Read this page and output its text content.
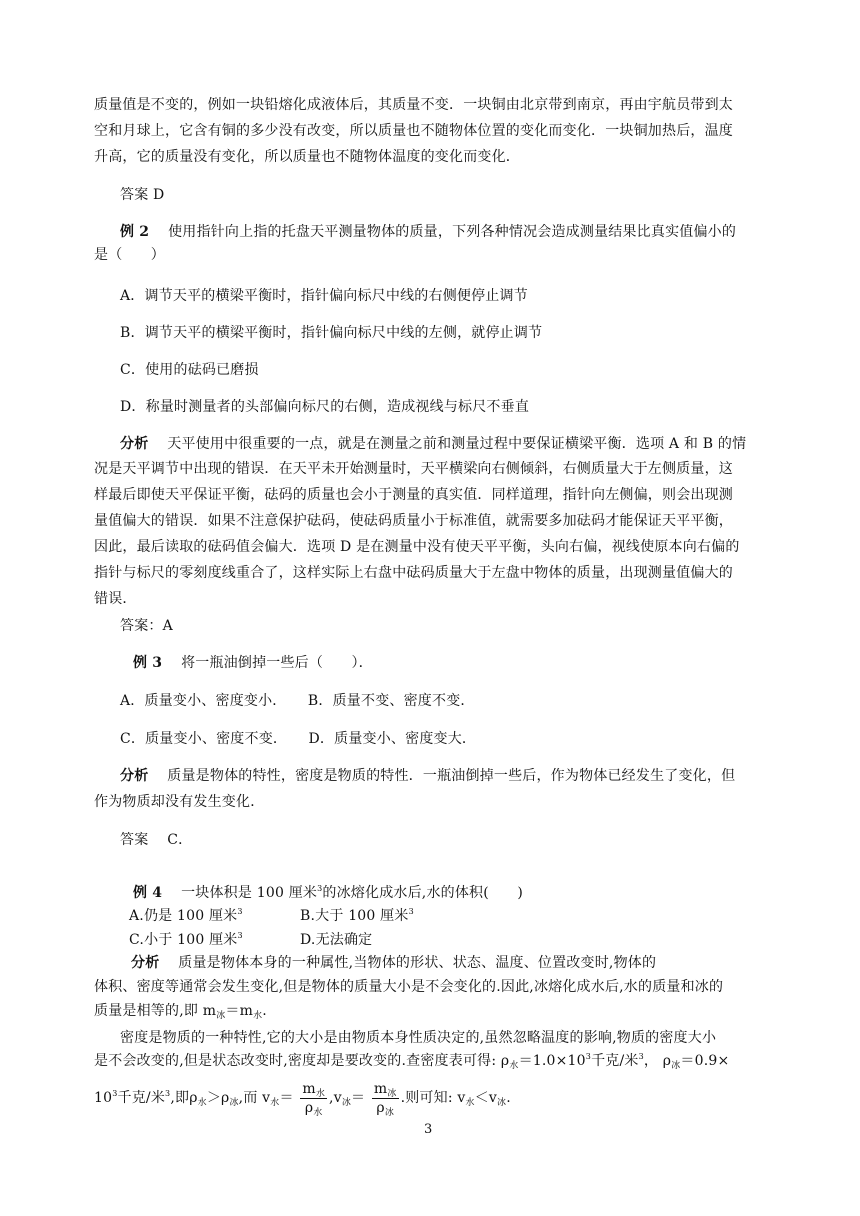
质量值是不变的，例如一块铅熔化成液体后，其质量不变．一块铜由北京带到南京，再由宇航员带到太
空和月球上，它含有铜的多少没有改变，所以质量也不随物体位置的变化而变化．一块铜加热后，温度
升高，它的质量没有变化，所以质量也不随物体温度的变化而变化．
答案 D
例 2　 使用指针向上指的托盘天平测量物体的质量，下列各种情况会造成测量结果比真实值偏小的
是（　　）
A．调节天平的横梁平衡时，指针偏向标尺中线的右侧便停止调节
B．调节天平的横梁平衡时，指针偏向标尺中线的左侧，就停止调节
C．使用的砝码已磨损
D．称量时测量者的头部偏向标尺的右侧，造成视线与标尺不垂直
分析　 天平使用中很重要的一点，就是在测量之前和测量过程中要保证横梁平衡．选项 A 和 B 的情
况是天平调节中出现的错误．在天平未开始测量时，天平横梁向右侧倾斜，右侧质量大于左侧质量，这
样最后即使天平保证平衡，砝码的质量也会小于测量的真实值．同样道理，指针向左侧偏，则会出现测
量值偏大的错误．如果不注意保护砝码，使砝码质量小于标准值，就需要多加砝码才能保证天平平衡，
因此，最后读取的砝码值会偏大．选项 D 是在测量中没有使天平平衡，头向右偏，视线使原本向右偏的
指针与标尺的零刻度线重合了，这样实际上右盘中砝码质量大于左盘中物体的质量，出现测量值偏大的
错误．
答案：A
例 3　 将一瓶油倒掉一些后（　　）．
A．质量变小、密度变小．　　B．质量不变、密度不变．
C．质量变小、密度不变．　　D．质量变小、密度变大．
分析　 质量是物体的特性，密度是物质的特性．一瓶油倒掉一些后，作为物体已经发生了变化，但
作为物质却没有发生变化．
答案　 C．
例 4　 一块体积是 100 厘米$^3$的冰熔化成水后,水的体积(　　)
A.仍是 100 厘米$^3$	B.大于 100 厘米$^3$
C.小于 100 厘米$^3$	D.无法确定
分析　 质量是物体本身的一种属性,当物体的形状、状态、温度、位置改变时,物体的
体积、密度等通常会发生变化,但是物体的质量大小是不会变化的.因此,冰熔化成水后,水的质量和冰的
质量是相等的,即 $m_冰=m_水$.
密度是物质的一种特性,它的大小是由物质本身性质决定的,虽然忽略温度的影响,物质的密度大小
是不会改变的,但是状态改变时,密度却是要改变的.查密度表可得: $\rho_水=1.0\times 10^3$千克/米$^3$， $\rho_冰=0.9\times$
$10^3$千克/米$^3$,即$\rho_水>\rho_冰$,而 $v_水= \frac{m_水}{\rho_水} ,v_冰= \frac{m_冰}{\rho_冰}$ .则可知: $v_水<v_冰$.
3
